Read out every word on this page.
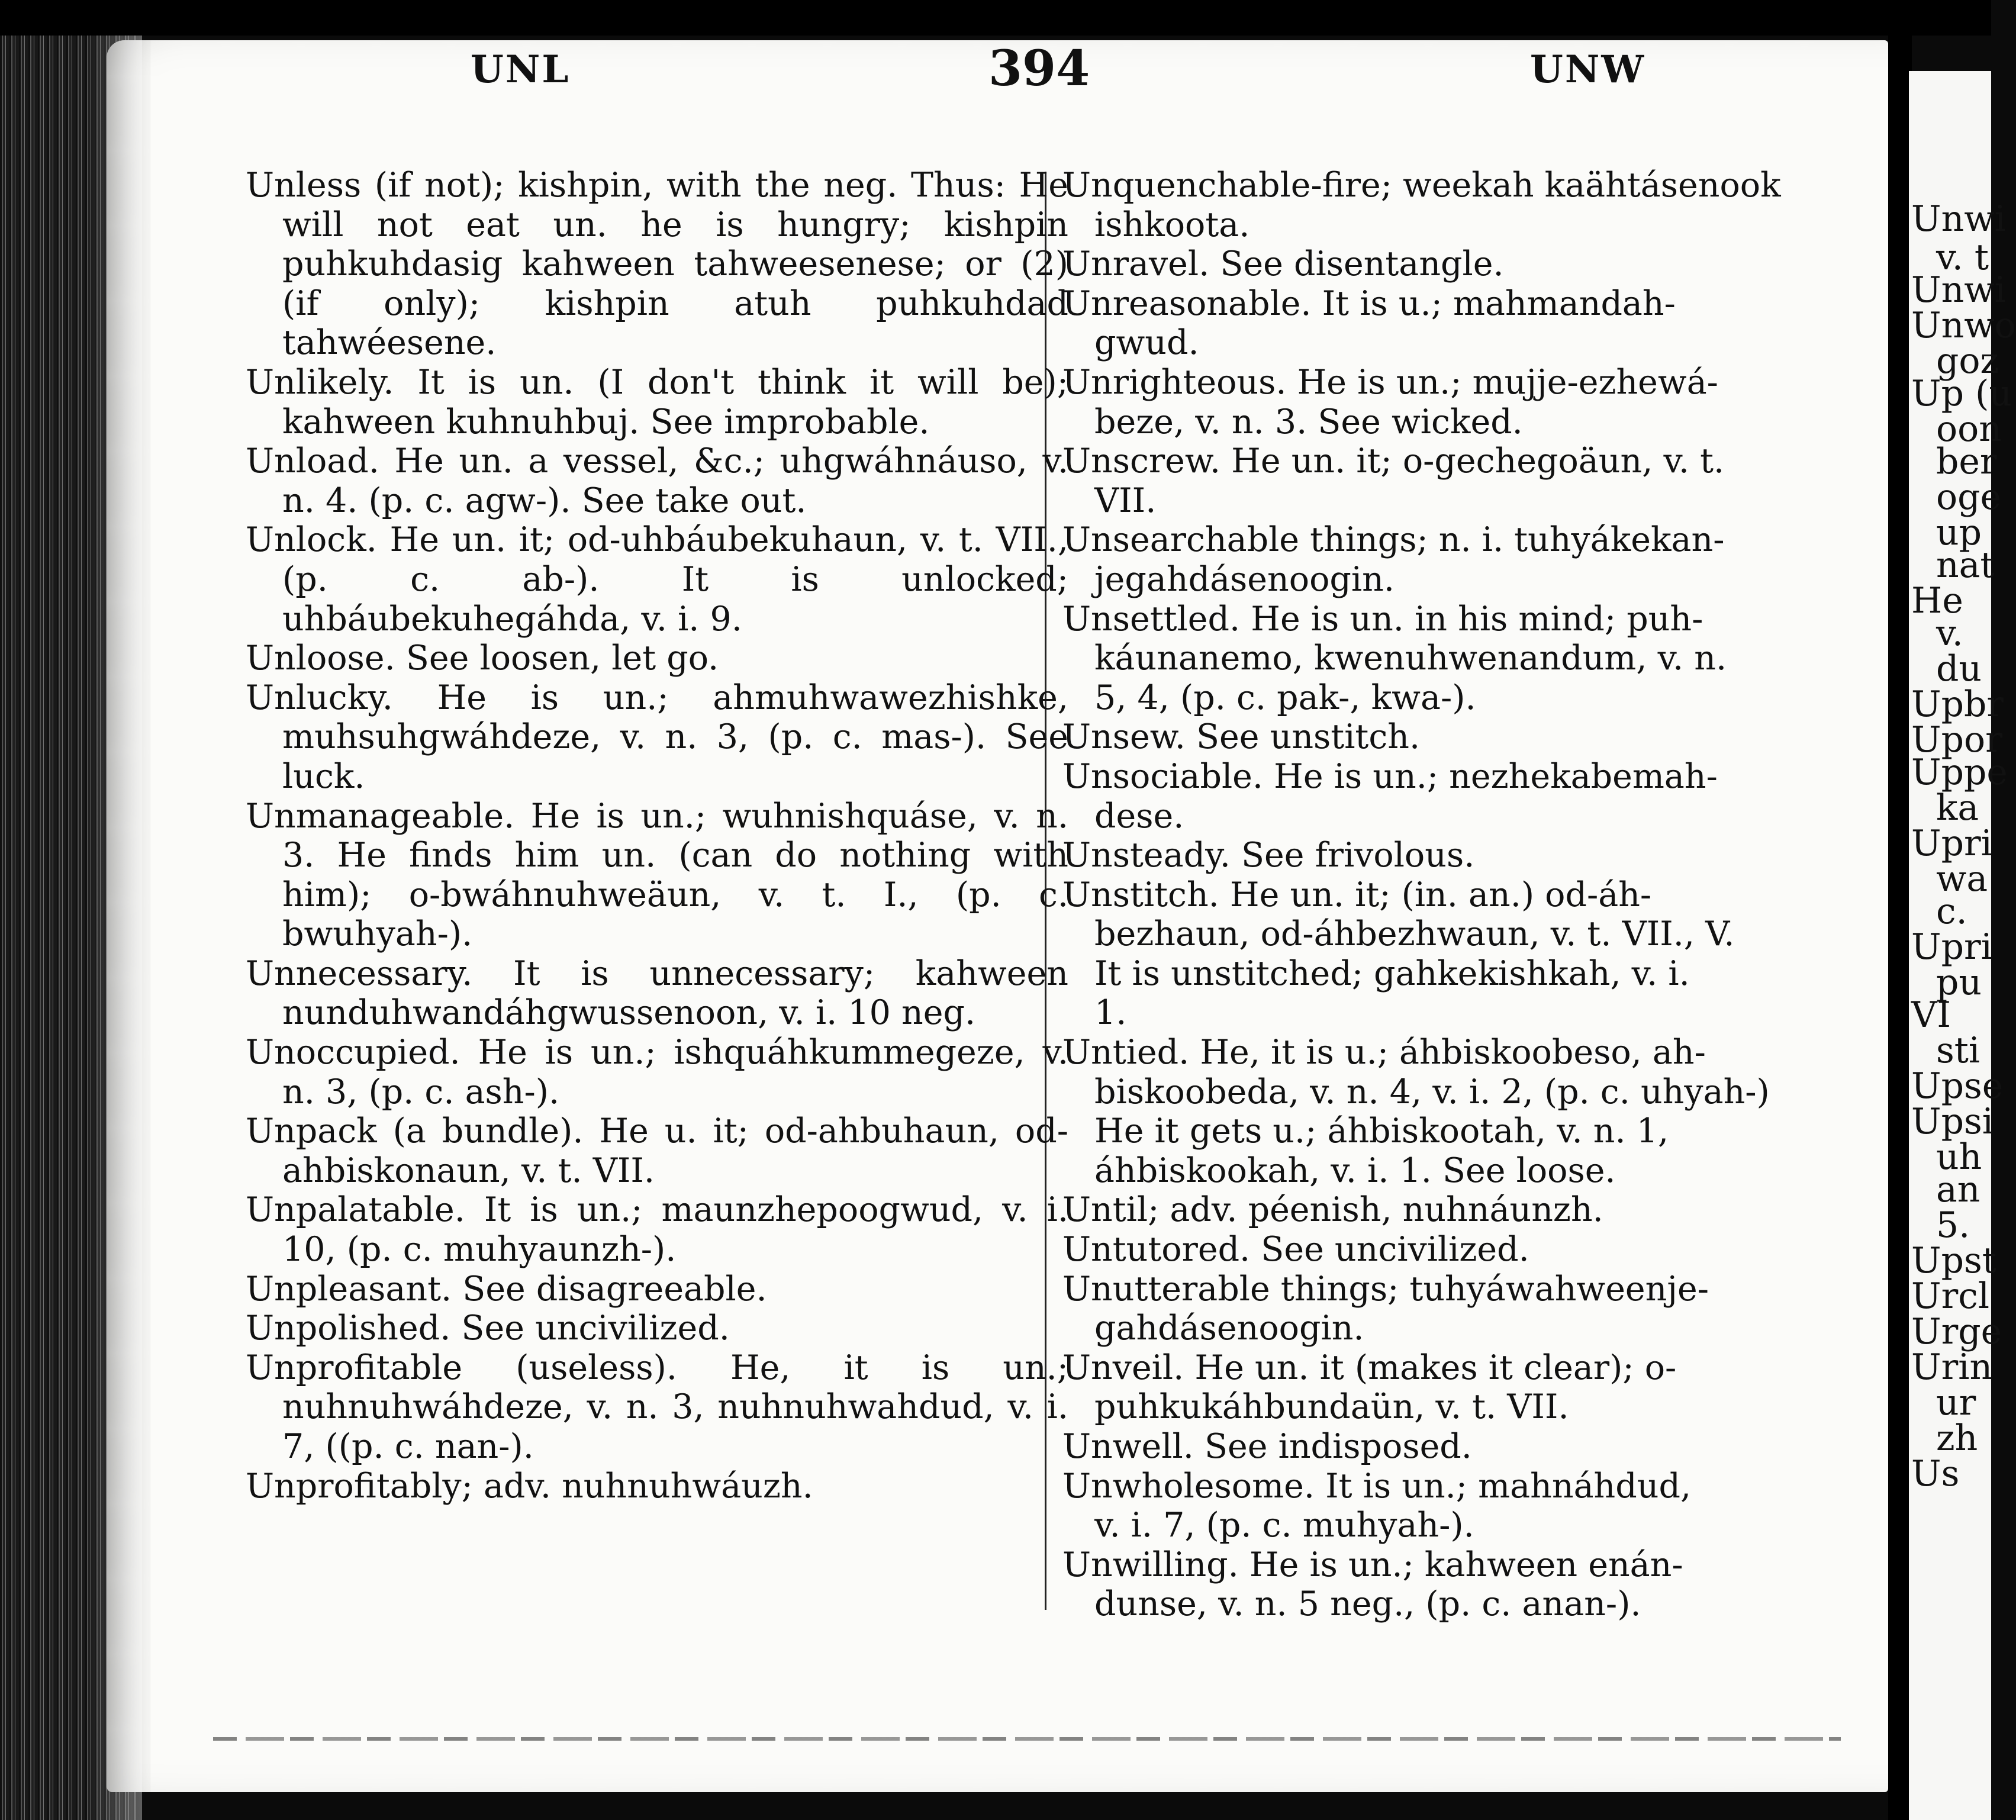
UNL	394	UNW

Unless (if not); kishpin, with the neg. Thus: He will not eat un. he is hungry; kishpin puhkuhdasig kahween tahweesenese; or (2) (if only); kishpin atuh puhkuhdad tahwéesene.

Unlikely. It is un. (I don't think it will be); kahween kuhnuhbuj. See improbable.

Unload. He un. a vessel, &c.; uhgwáhnáuso, v. n. 4. (p. c. agw-). See take out.

Unlock. He un. it; od-uhbáubekuhaun, v. t. VII., (p. c. ab-). It is unlocked; uhbáubekuhegáhda, v. i. 9.

Unloose. See loosen, let go.

Unlucky. He is un.; ahmuhwawezhishke, muhsuhgwáhdeze, v. n. 3, (p. c. mas-). See luck.

Unmanageable. He is un.; wuhnishquáse, v. n. 3. He finds him un. (can do nothing with him); o-bwáhnuhweäun, v. t. I., (p. c. bwuhyah-).

Unnecessary. It is unnecessary; kahween nunduhwandáhgwussenoon, v. i. 10 neg.

Unoccupied. He is un.; ishquáhkummegeze, v. n. 3, (p. c. ash-).

Unpack (a bundle). He u. it; od-ahbuhaun, od-ahbiskonaun, v. t. VII.

Unpalatable. It is un.; maunzhepoogwud, v. i. 10, (p. c. muhyaunzh-).

Unpleasant. See disagreeable.

Unpolished. See uncivilized.

Unprofitable (useless). He, it is un.; nuhnuhwáhdeze, v. n. 3, nuhnuhwahdud, v. i. 7, ((p. c. nan-).

Unprofitably; adv. nuhnuhwáuzh.

Unquenchable-fire; weekah kaähtásenook
ishkoota.
Unravel. See disentangle.
Unreasonable. It is u.; mahmandah-
gwud.
Unrighteous. He is un.; mujje-ezhewá-
beze, v. n. 3. See wicked.
Unscrew. He un. it; o-gechegoäun, v. t.
VII.
Unsearchable things; n. i. tuhyákekan-
jegahdásenoogin.
Unsettled. He is un. in his mind; puh-
káunanemo, kwenuhwenandum, v. n.
5, 4, (p. c. pak-, kwa-).
Unsew. See unstitch.
Unsociable. He is un.; nezhekabemah-
dese.
Unsteady. See frivolous.
Unstitch. He un. it; (in. an.) od-áh-
bezhaun, od-áhbezhwaun, v. t. VII., V.
It is unstitched; gahkekishkah, v. i.
1.
Untied. He, it is u.; áhbiskoobeso, ah-
biskoobeda, v. n. 4, v. i. 2, (p. c. uhyah-)
He it gets u.; áhbiskootah, v. n. 1,
áhbiskookah, v. i. 1. See loose.
Until; adv. péenish, nuhnáunzh.
Untutored. See uncivilized.
Unutterable things; tuhyáwahweenje-
gahdásenoogin.
Unveil. He un. it (makes it clear); o-
puhkukáhbundaün, v. t. VII.
Unwell. See indisposed.
Unwholesome. It is un.; mahnáhdud,
v. i. 7, (p. c. muhyah-).
Unwilling. He is un.; kahween enán-
dunse, v. n. 5 neg., (p. c. anan-).
Unwi
v. t
Unwi
Unwo
goz
Up (u
oon
ber
oge
up
nat
He
v.
du
Upbr
Upor
Uppe
ka
Upri
wa
c.
Upri
pu
VI
sti
Upse
Upsi
uh
an
5.
Upst
Urcl
Urge
Urin
ur
zh
Us
